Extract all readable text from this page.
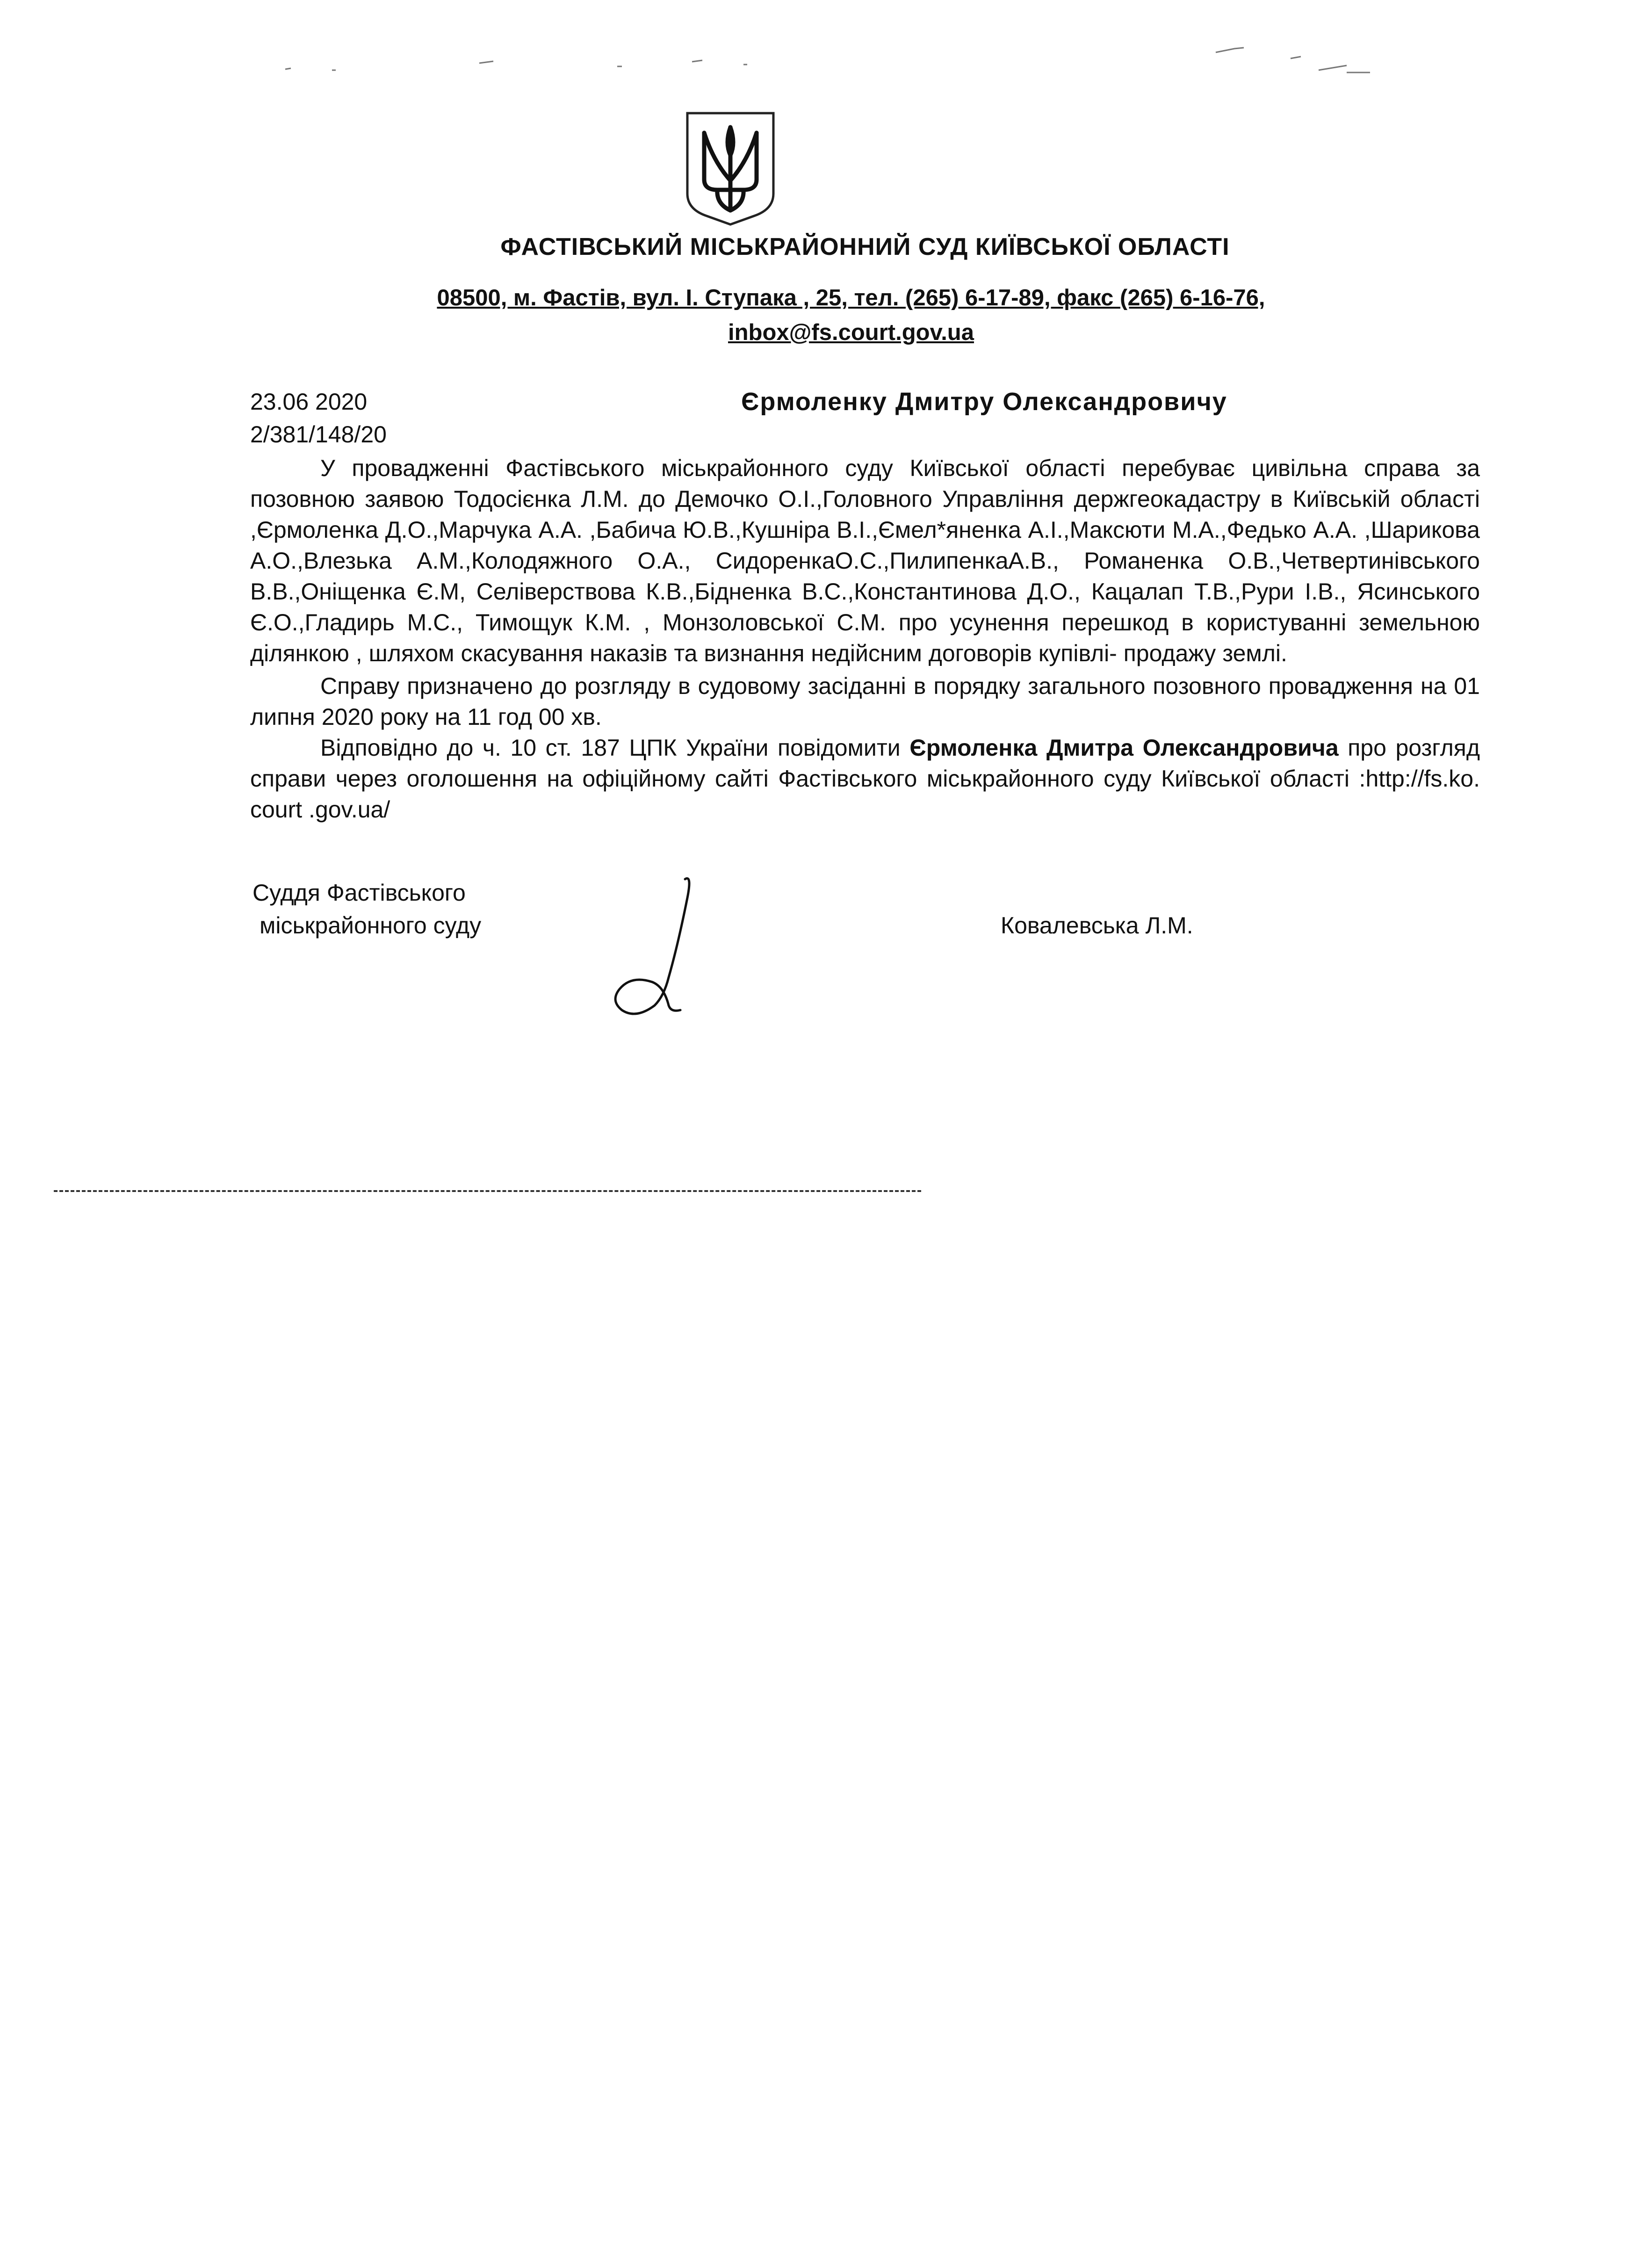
ФАСТІВСЬКИЙ МІСЬКРАЙОННИЙ СУД КИЇВСЬКОЇ ОБЛАСТІ
08500, м. Фастів, вул. І. Ступака , 25, тел. (265) 6-17-89, факс (265) 6-16-76,
inbox@fs.court.gov.ua
23.06 2020
2/381/148/20
Єрмоленку Дмитру Олександровичу

У провадженні Фастівського міськрайонного суду Київської області перебуває цивільна справа за позовною заявою Тодосієнка Л.М. до Демочко О.І.,Головного Управління держгеокадастру в Київській області ,Єрмоленка Д.О.,Марчука А.А. ,Бабича Ю.В.,Кушніра В.І.,Ємел*яненка А.І.,Максюти М.А.,Федько А.А. ,Шарикова А.О.,Влезька А.М.,Колодяжного О.А., СидоренкаО.С.,ПилипенкаА.В., Романенка О.В.,Четвертинівського В.В.,Оніщенка Є.М, Селіверствова К.В.,Бідненка В.С.,Константинова Д.О., Кацалап Т.В.,Рури І.В., Ясинського Є.О.,Гладирь М.С., Тимощук К.М. , Монзоловської С.М. про усунення перешкод в користуванні земельною ділянкою , шляхом скасування наказів та визнання недійсним договорів купівлі- продажу землі.

Справу призначено до розгляду в судовому засіданні в порядку загального позовного провадження на 01 липня 2020 року на 11 год 00 хв.

Відповідно до ч. 10 ст. 187 ЦПК України повідомити Єрмоленка Дмитра Олександровича про розгляд справи через оголошення на офіційному сайті Фастівського міськрайонного суду Київської області :http://fs.ko. court .gov.ua/

Суддя Фастівського
міськрайонного суду	Ковалевська Л.М.
